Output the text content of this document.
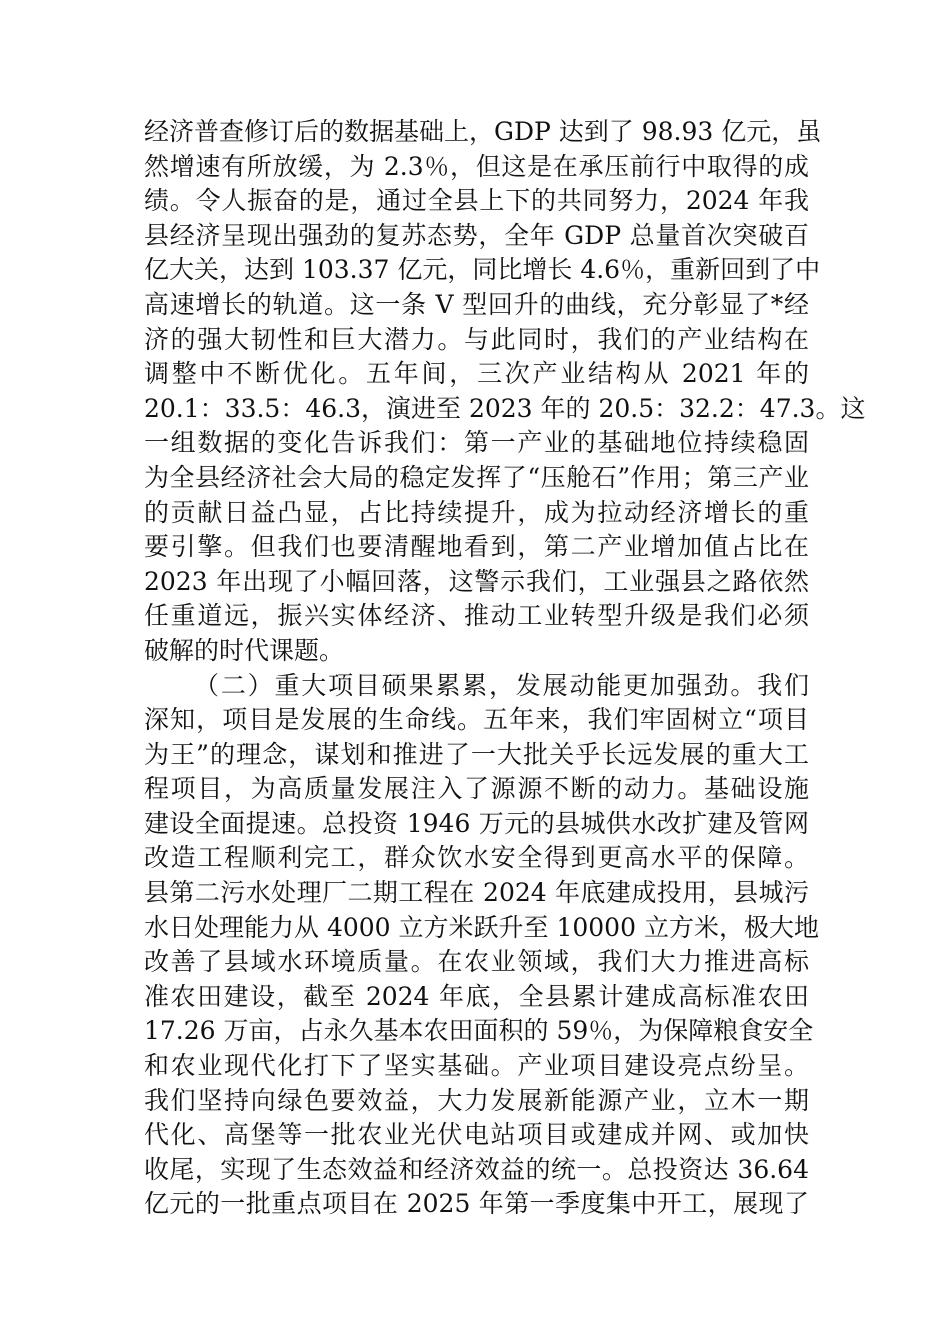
经济普查修订后的数据基础上，GDP 达到了 98.93 亿元，虽
然增速有所放缓，为 2.3％，但这是在承压前行中取得的成
绩。令人振奋的是，通过全县上下的共同努力，2024 年我
县经济呈现出强劲的复苏态势，全年 GDP 总量首次突破百
亿大关，达到 103.37 亿元，同比增长 4.6％，重新回到了中
高速增长的轨道。这一条 V 型回升的曲线，充分彰显了*经
济的强大韧性和巨大潜力。与此同时，我们的产业结构在
调整中不断优化。五年间，三次产业结构从 2021 年的
20.1：33.5：46.3，演进至 2023 年的 20.5：32.2：47.3。这
一组数据的变化告诉我们：第一产业的基础地位持续稳固
为全县经济社会大局的稳定发挥了“压舱石”作用；第三产业
的贡献日益凸显，占比持续提升，成为拉动经济增长的重
要引擎。但我们也要清醒地看到，第二产业增加值占比在
2023 年出现了小幅回落，这警示我们，工业强县之路依然
任重道远，振兴实体经济、推动工业转型升级是我们必须
破解的时代课题。
（二）重大项目硕果累累，发展动能更加强劲。我们
深知，项目是发展的生命线。五年来，我们牢固树立“项目
为王”的理念，谋划和推进了一大批关乎长远发展的重大工
程项目，为高质量发展注入了源源不断的动力。基础设施
建设全面提速。总投资 1946 万元的县城供水改扩建及管网
改造工程顺利完工，群众饮水安全得到更高水平的保障。
县第二污水处理厂二期工程在 2024 年底建成投用，县城污
水日处理能力从 4000 立方米跃升至 10000 立方米，极大地
改善了县域水环境质量。在农业领域，我们大力推进高标
准农田建设，截至 2024 年底，全县累计建成高标准农田
17.26 万亩，占永久基本农田面积的 59％，为保障粮食安全
和农业现代化打下了坚实基础。产业项目建设亮点纷呈。
我们坚持向绿色要效益，大力发展新能源产业，立木一期
代化、高堡等一批农业光伏电站项目或建成并网、或加快
收尾，实现了生态效益和经济效益的统一。总投资达 36.64
亿元的一批重点项目在 2025 年第一季度集中开工，展现了
